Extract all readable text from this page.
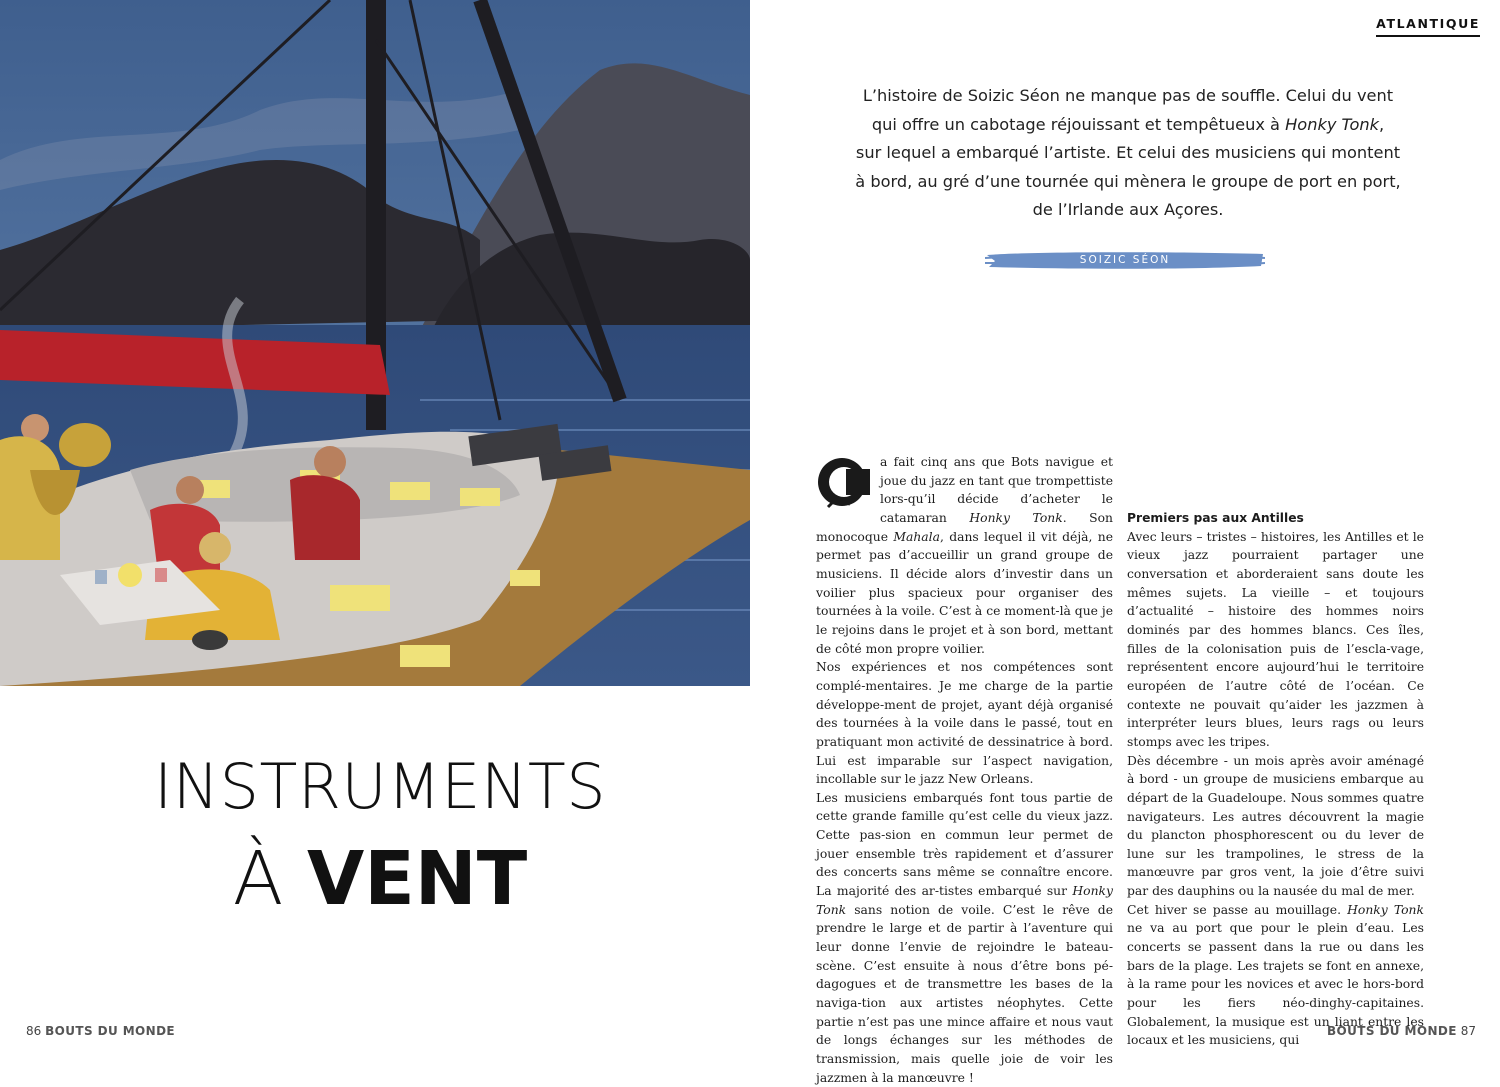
ATLANTIQUE

L’histoire de Soizic Séon ne manque pas de souffle. Celui du vent

qui offre un cabotage réjouissant et tempêtueux à Honky Tonk,

sur lequel a embarqué l’artiste. Et celui des musiciens qui montent

à bord, au gré d’une tournée qui mènera le groupe de port en port,

de l’Irlande aux Açores.

SOIZIC SÉON
INSTRUMENTS
À VENT

a fait cinq ans que Bots navigue et joue du jazz en tant que trompettiste lors-qu’il décide d’acheter le catamaran Honky Tonk. Son monocoque Mahala, dans lequel il vit déjà, ne permet pas d’accueillir un grand groupe de musiciens. Il décide alors d’investir dans un voilier plus spacieux pour organiser des tournées à la voile. C’est à ce moment-là que je le rejoins dans le projet et à son bord, mettant de côté mon propre voilier.

Nos expériences et nos compétences sont complé-mentaires. Je me charge de la partie développe-ment de projet, ayant déjà organisé des tournées à la voile dans le passé, tout en pratiquant mon activité de dessinatrice à bord. Lui est imparable sur l’aspect navigation, incollable sur le jazz New Orleans.

Les musiciens embarqués font tous partie de cette grande famille qu’est celle du vieux jazz. Cette pas-sion en commun leur permet de jouer ensemble très rapidement et d’assurer des concerts sans même se connaître encore. La majorité des ar-tistes embarqué sur Honky Tonk sans notion de voile. C’est le rêve de prendre le large et de partir à l’aventure qui leur donne l’envie de rejoindre le bateau-scène. C’est ensuite à nous d’être bons pé-dagogues et de transmettre les bases de la naviga-tion aux artistes néophytes. Cette partie n’est pas une mince affaire et nous vaut de longs échanges sur les méthodes de transmission, mais quelle joie de voir les jazzmen à la manœuvre !

Premiers pas aux Antilles

Avec leurs – tristes – histoires, les Antilles et le vieux jazz pourraient partager une conversation et aborderaient sans doute les mêmes sujets. La vieille – et toujours d’actualité – histoire des hommes noirs dominés par des hommes blancs. Ces îles, filles de la colonisation puis de l’escla-vage, représentent encore aujourd’hui le territoire européen de l’autre côté de l’océan. Ce contexte ne pouvait qu’aider les jazzmen à interpréter leurs blues, leurs rags ou leurs stomps avec les tripes.

Dès décembre - un mois après avoir aménagé à bord - un groupe de musiciens embarque au départ de la Guadeloupe. Nous sommes quatre navigateurs. Les autres découvrent la magie du plancton phosphorescent ou du lever de lune sur les trampolines, le stress de la manœuvre par gros vent, la joie d’être suivi par des dauphins ou la nausée du mal de mer.

Cet hiver se passe au mouillage. Honky Tonk ne va au port que pour le plein d’eau. Les concerts se passent dans la rue ou dans les bars de la plage. Les trajets se font en annexe, à la rame pour les novices et avec le hors-bord pour les fiers néo-dinghy-capitaines. Globalement, la musique est un liant entre les locaux et les musiciens, qui

86 BOUTS DU MONDE	BOUTS DU MONDE 87
